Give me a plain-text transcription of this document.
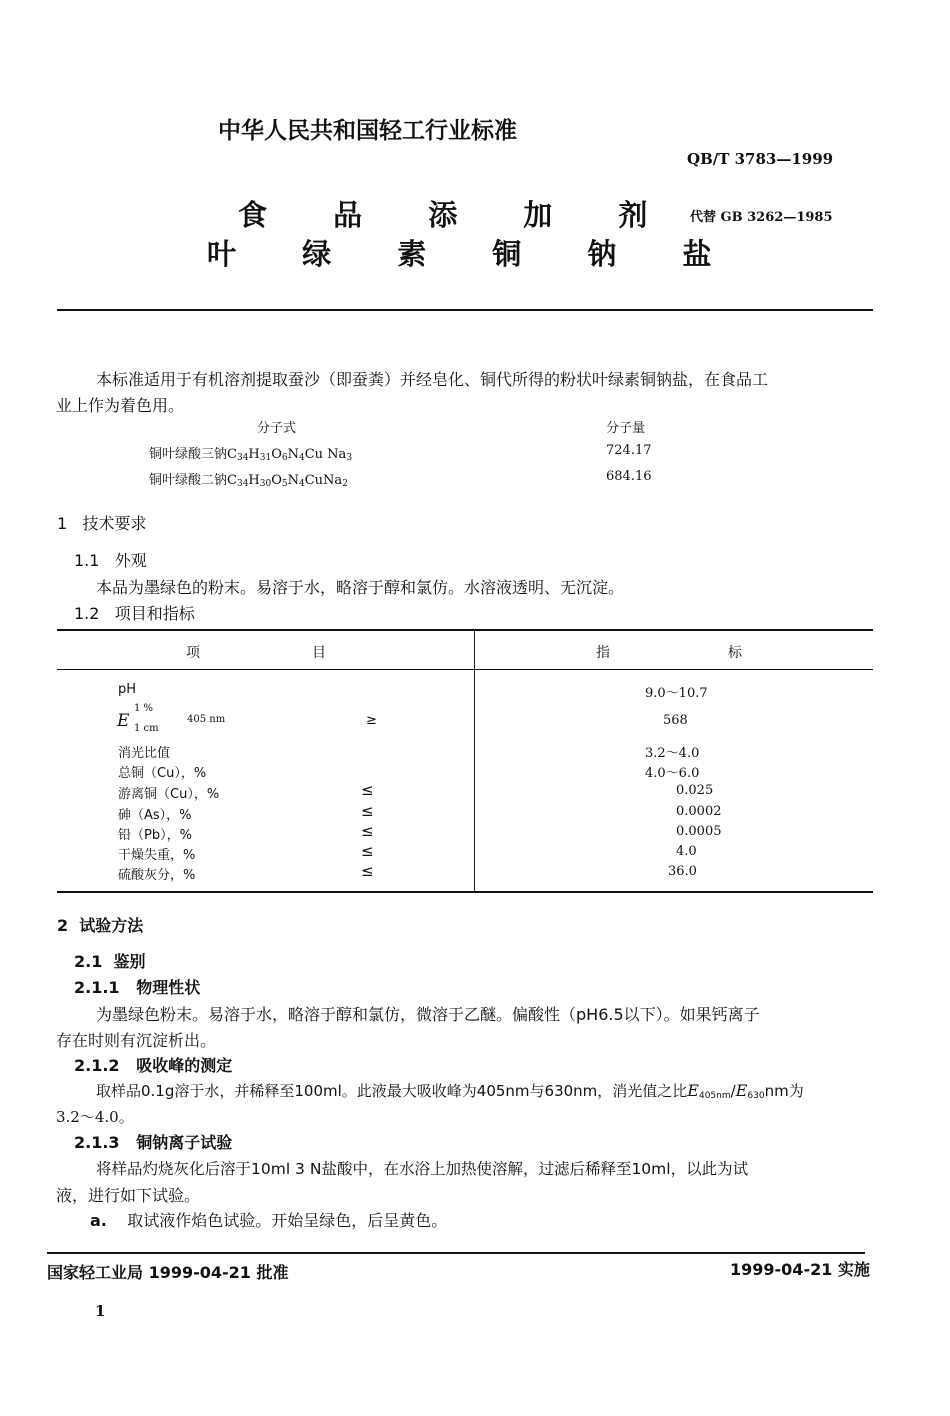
中华人民共和国轻工行业标准
QB/T 3783—1999
食 品 添 加 剂
叶 绿 素 铜 钠 盐
代替 GB 3262—1985
本标准适用于有机溶剂提取蚕沙（即蚕粪）并经皂化、铜代所得的粉状叶绿素铜钠盐，在食品工
业上作为着色用。
分子式	分子量
铜叶绿酸三钠$C_{34}H_{31}O_6N_4Cu$ $Na_3$	724.17
铜叶绿酸二钠$C_{34}H_{30}O_5N_4CuNa_2$	684.16
1 技术要求
1.1 外观
本品为墨绿色的粉末。易溶于水，略溶于醇和氯仿。水溶液透明、无沉淀。
1.2 项目和指标
项	目	指	标
pH	9.0～10.7
E
1 %
1 cm
405 nm	≥	568
消光比值	3.2～4.0
总铜（Cu），%	4.0～6.0
游离铜（Cu），%	≤	0.025
砷（As），%	≤	0.0002
铅（Pb），%	≤	0.0005
干燥失重，%	≤	4.0
硫酸灰分，%	≤	36.0
2 试验方法
2.1 鉴别
2.1.1 物理性状
为墨绿色粉末。易溶于水，略溶于醇和氯仿，微溶于乙醚。偏酸性（pH6.5以下）。如果钙离子
存在时则有沉淀析出。
2.1.2 吸收峰的测定
取样品0.1g溶于水，并稀释至100ml。此液最大吸收峰为405nm与630nm，消光值之比$E_{405nm}/E_{630}nm$为
3.2～4.0。
2.1.3 铜钠离子试验
将样品灼烧灰化后溶于10ml 3 N盐酸中，在水浴上加热使溶解，过滤后稀释至10ml，以此为试
液，进行如下试验。
a. 取试液作焰色试验。开始呈绿色，后呈黄色。
国家轻工业局 1999-04-21 批准	1999-04-21 实施
1
